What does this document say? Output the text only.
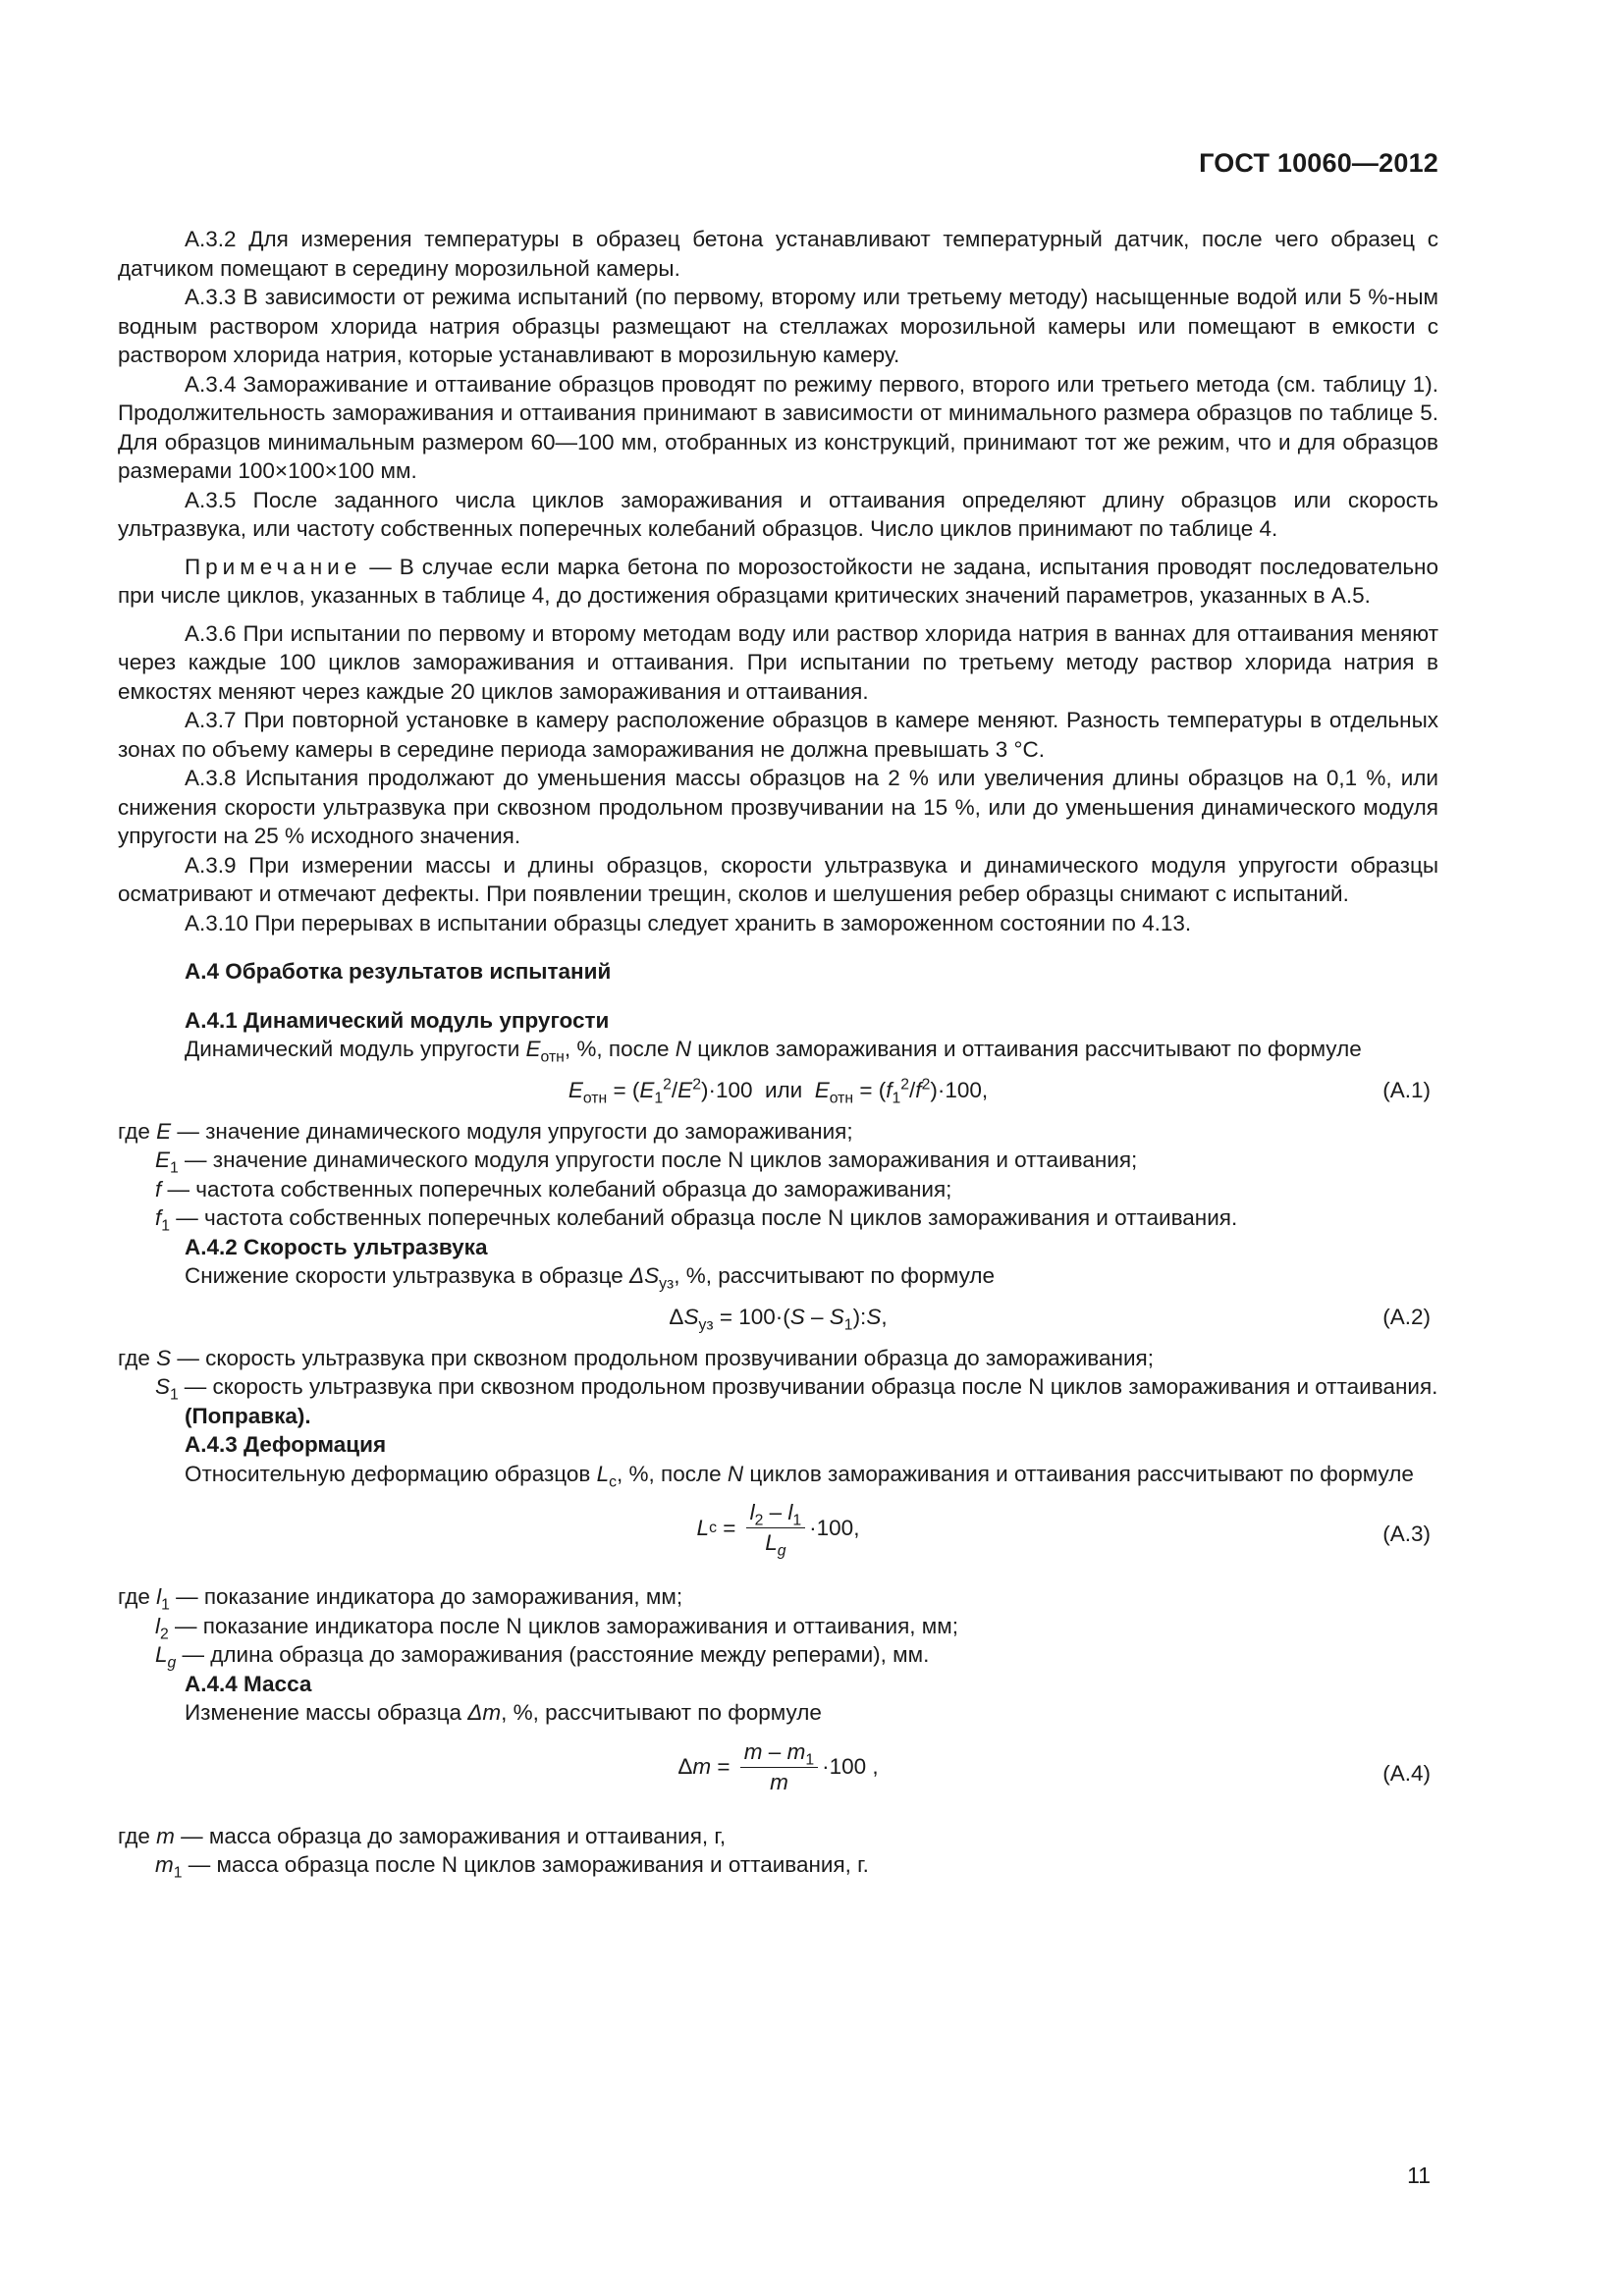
ГОСТ 10060—2012

А.3.2 Для измерения температуры в образец бетона устанавливают температурный датчик, после чего образец с датчиком помещают в середину морозильной камеры.

А.3.3 В зависимости от режима испытаний (по первому, второму или третьему методу) насыщенные водой или 5 %-ным водным раствором хлорида натрия образцы размещают на стеллажах морозильной камеры или помещают в емкости с раствором хлорида натрия, которые устанавливают в морозильную камеру.

А.3.4 Замораживание и оттаивание образцов проводят по режиму первого, второго или третьего метода (см. таблицу 1). Продолжительность замораживания и оттаивания принимают в зависимости от минимального размера образцов по таблице 5. Для образцов минимальным размером 60—100 мм, отобранных из конструкций, принимают тот же режим, что и для образцов размерами 100×100×100 мм.

А.3.5 После заданного числа циклов замораживания и оттаивания определяют длину образцов или скорость ультразвука, или частоту собственных поперечных колебаний образцов. Число циклов принимают по таблице 4.

Примечание — В случае если марка бетона по морозостойкости не задана, испытания проводят последовательно при числе циклов, указанных в таблице 4, до достижения образцами критических значений параметров, указанных в А.5.

А.3.6 При испытании по первому и второму методам воду или раствор хлорида натрия в ваннах для оттаивания меняют через каждые 100 циклов замораживания и оттаивания. При испытании по третьему методу раствор хлорида натрия в емкостях меняют через каждые 20 циклов замораживания и оттаивания.

А.3.7 При повторной установке в камеру расположение образцов в камере меняют. Разность температуры в отдельных зонах по объему камеры в середине периода замораживания не должна превышать 3 °С.

А.3.8 Испытания продолжают до уменьшения массы образцов на 2 % или увеличения длины образцов на 0,1 %, или снижения скорости ультразвука при сквозном продольном прозвучивании на 15 %, или до уменьшения динамического модуля упругости на 25 % исходного значения.

А.3.9 При измерении массы и длины образцов, скорости ультразвука и динамического модуля упругости образцы осматривают и отмечают дефекты. При появлении трещин, сколов и шелушения ребер образцы снимают с испытаний.

А.3.10 При перерывах в испытании образцы следует хранить в замороженном состоянии по 4.13.

А.4 Обработка результатов испытаний

А.4.1 Динамический модуль упругости

Динамический модуль упругости $E_{отн}$, %, после N циклов замораживания и оттаивания рассчитывают по формуле

$E_{отн} = (E_1^2/E^2)\cdot 100$  или  $E_{отн} = (f_1^2/f^2)\cdot 100$,	(А.1)

где E — значение динамического модуля упругости до замораживания;

$E_1$ — значение динамического модуля упругости после N циклов замораживания и оттаивания;

f — частота собственных поперечных колебаний образца до замораживания;

$f_1$ — частота собственных поперечных колебаний образца после N циклов замораживания и оттаивания.

А.4.2 Скорость ультразвука

Снижение скорости ультразвука в образце $\Delta S_{уз}$, %, рассчитывают по формуле

$\Delta S_{уз} = 100\cdot(S$ – $S_1):S$,	(А.2)

где S — скорость ультразвука при сквозном продольном прозвучивании образца до замораживания;

$S_1$ — скорость ультразвука при сквозном продольном прозвучивании образца после N циклов замораживания и оттаивания.

(Поправка).

А.4.3 Деформация

Относительную деформацию образцов $L_c$, %, после N циклов замораживания и оттаивания рассчитывают по формуле

L c =
$l_2 - l_1$
$L_g$
·100,	(А.3)

где $l_1$ — показание индикатора до замораживания, мм;

$l_2$ — показание индикатора после N циклов замораживания и оттаивания, мм;

$L_g$ — длина образца до замораживания (расстояние между реперами), мм.

А.4.4 Масса

Изменение массы образца Δm, %, рассчитывают по формуле

Δ m =
m – $m_1$
m
·100 ,	(А.4)

где m — масса образца до замораживания и оттаивания, г,

$m_1$ — масса образца после N циклов замораживания и оттаивания, г.

11
